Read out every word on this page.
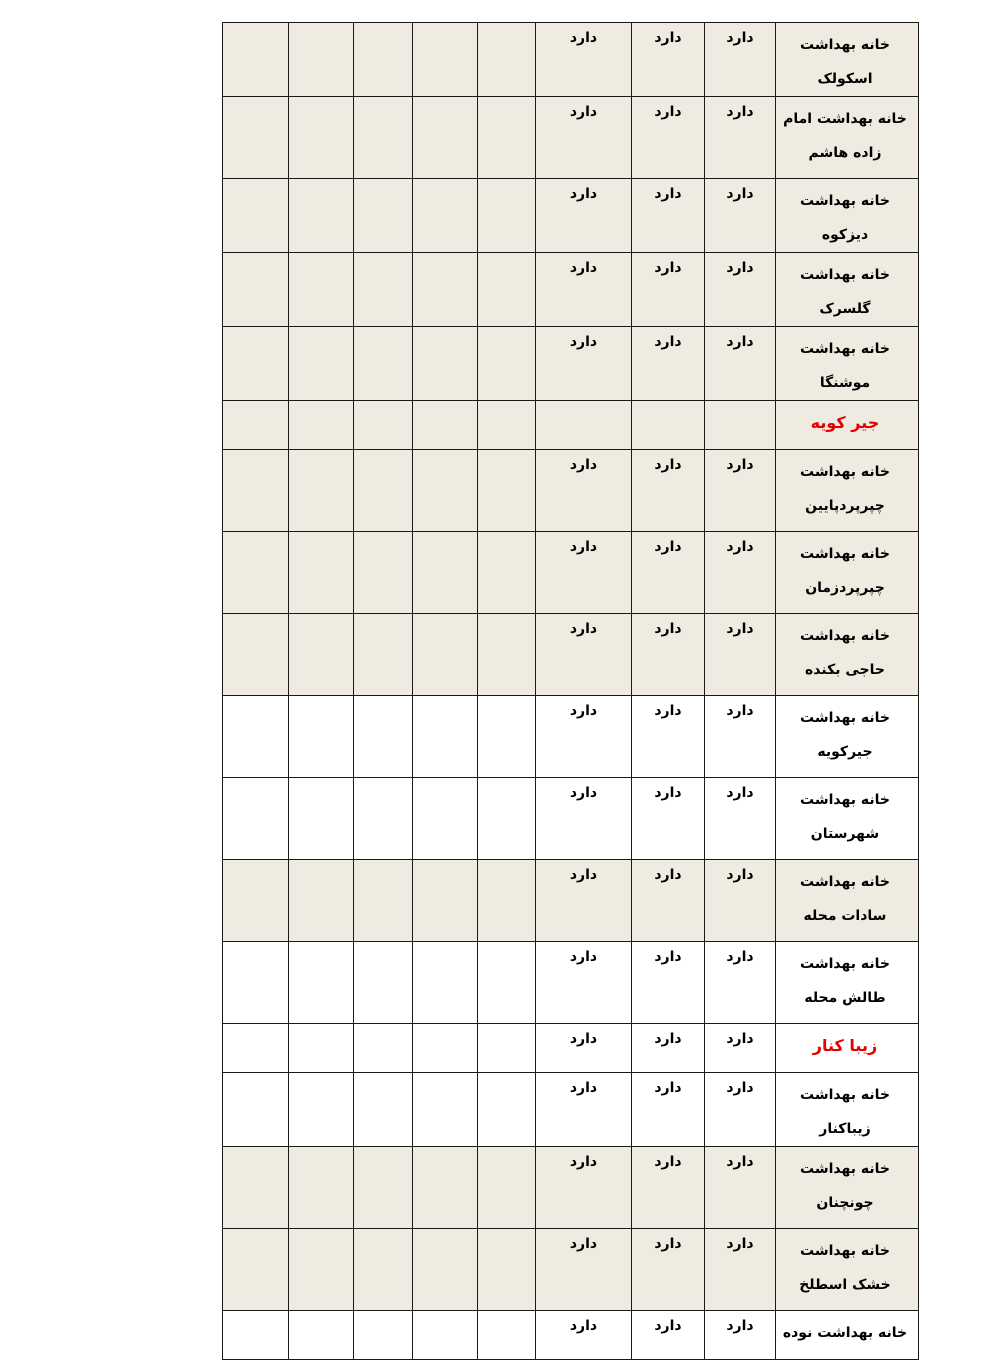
خانه بهداشت اسکولک	دارد	دارد	دارد					
خانه بهداشت امام زاده هاشم	دارد	دارد	دارد					
خانه بهداشت دیزکوه	دارد	دارد	دارد					
خانه بهداشت گلسرک	دارد	دارد	دارد					
خانه بهداشت موشنگا	دارد	دارد	دارد					
جیر کویه								
خانه بهداشت چپرپردپایین	دارد	دارد	دارد					
خانه بهداشت چپرپردزمان	دارد	دارد	دارد					
خانه بهداشت حاجی بکنده	دارد	دارد	دارد					
خانه بهداشت جیرکویه	دارد	دارد	دارد					
خانه بهداشت شهرستان	دارد	دارد	دارد					
خانه بهداشت سادات محله	دارد	دارد	دارد					
خانه بهداشت طالش محله	دارد	دارد	دارد					
زیبا کنار	دارد	دارد	دارد					
خانه بهداشت زیباکنار	دارد	دارد	دارد					
خانه بهداشت چونچنان	دارد	دارد	دارد					
خانه بهداشت خشک اسطلخ	دارد	دارد	دارد					
خانه بهداشت نوده	دارد	دارد	دارد					
